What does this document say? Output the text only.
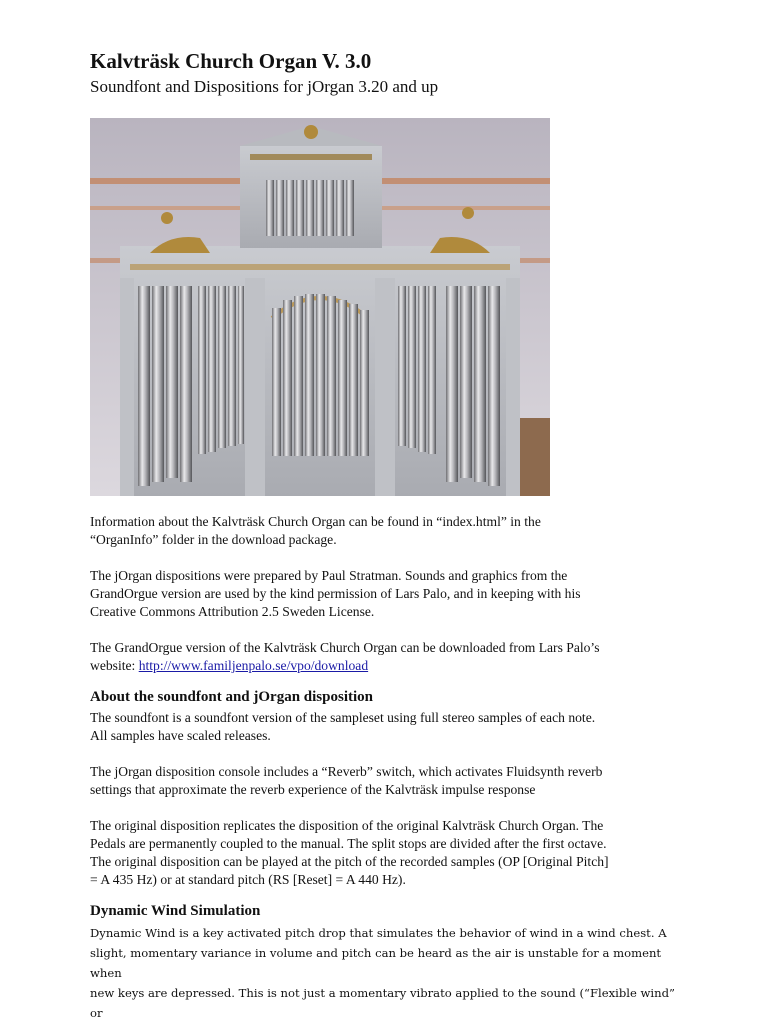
Kalvträsk Church Organ V. 3.0
Soundfont and Dispositions for jOrgan 3.20 and up

Information about the Kalvträsk Church Organ can be found in “index.html” in the
“OrganInfo” folder in the download package.

The jOrgan dispositions were prepared by Paul Stratman. Sounds and graphics from the
GrandOrgue version are used by the kind permission of Lars Palo, and in keeping with his
Creative Commons Attribution 2.5 Sweden License.

The GrandOrgue version of the Kalvträsk Church Organ can be downloaded from Lars Palo’s
website: http://www.familjenpalo.se/vpo/download

About the soundfont and jOrgan disposition

The soundfont is a soundfont version of the sampleset using full stereo samples of each note.
All samples have scaled releases.

The jOrgan disposition console includes a “Reverb” switch, which activates Fluidsynth reverb
settings that approximate the reverb experience of the Kalvträsk impulse response

The original disposition replicates the disposition of the original Kalvträsk Church Organ. The
Pedals are permanently coupled to the manual. The split stops are divided after the first octave.
The original disposition can be played at the pitch of the recorded samples (OP [Original Pitch]
= A 435 Hz) or at standard pitch (RS [Reset] = A 440 Hz).

Dynamic Wind Simulation

Dynamic Wind is a key activated pitch drop that simulates the behavior of wind in a wind chest. A
slight, momentary variance in volume and pitch can be heard as the air is unstable for a moment when
new keys are depressed. This is not just a momentary vibrato applied to the sound (“Flexible wind” or
